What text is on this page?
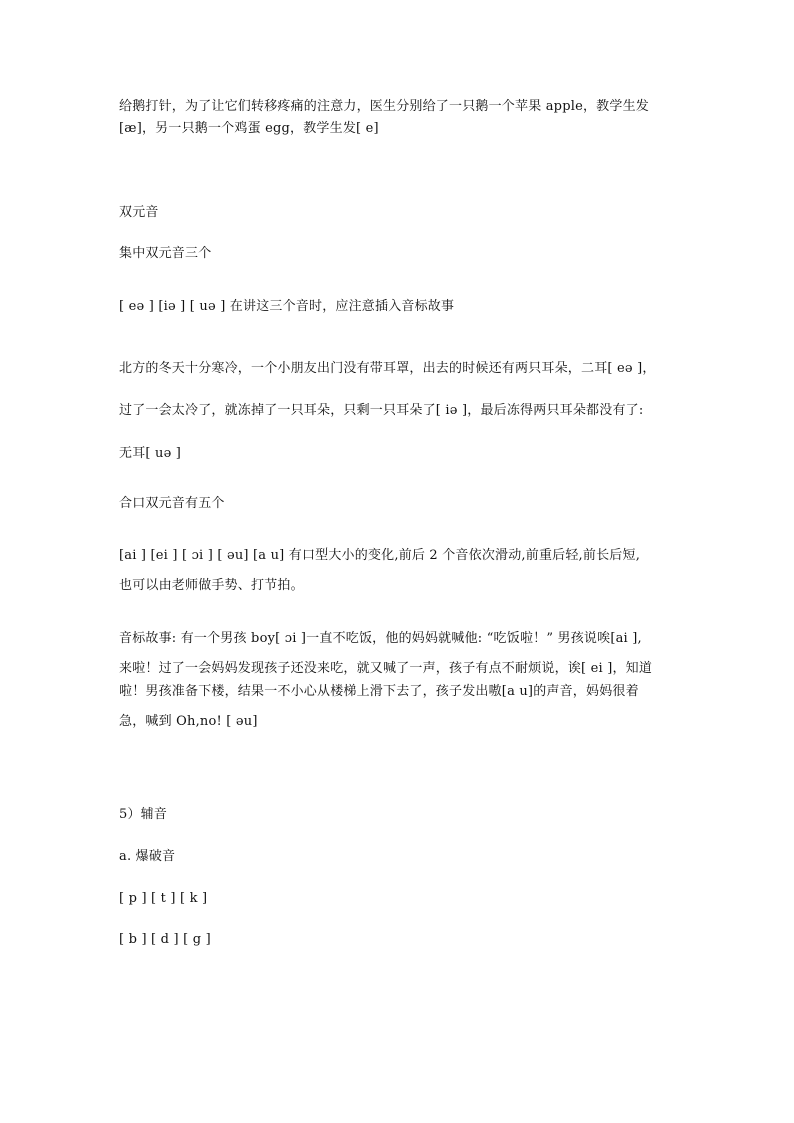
给鹅打针，为了让它们转移疼痛的注意力，医生分别给了一只鹅一个苹果 apple，教学生发
[æ]，另一只鹅一个鸡蛋 egg，教学生发[ e]
双元音
集中双元音三个
[ eə ] [iə ] [ uə ] 在讲这三个音时，应注意插入音标故事
北方的冬天十分寒冷，一个小朋友出门没有带耳罩，出去的时候还有两只耳朵，二耳[ eə ]，
过了一会太冷了，就冻掉了一只耳朵，只剩一只耳朵了[ iə ]，最后冻得两只耳朵都没有了:
无耳[ uə ]
合口双元音有五个
[ai ] [ei ] [ ɔi ] [ əu] [a u] 有口型大小的变化,前后 2 个音依次滑动,前重后轻,前长后短,
也可以由老师做手势、打节拍。
音标故事: 有一个男孩 boy[ ɔi ]一直不吃饭，他的妈妈就喊他: “吃饭啦！” 男孩说唉[ai ],
来啦！过了一会妈妈发现孩子还没来吃，就又喊了一声，孩子有点不耐烦说，诶[ ei ]，知道
啦！男孩准备下楼，结果一不小心从楼梯上滑下去了，孩子发出嗷[a u]的声音，妈妈很着
急，喊到 Oh,no! [ əu]
5）辅音
a. 爆破音
[ p ] [ t ] [ k ]
[ b ] [ d ] [ g ]
